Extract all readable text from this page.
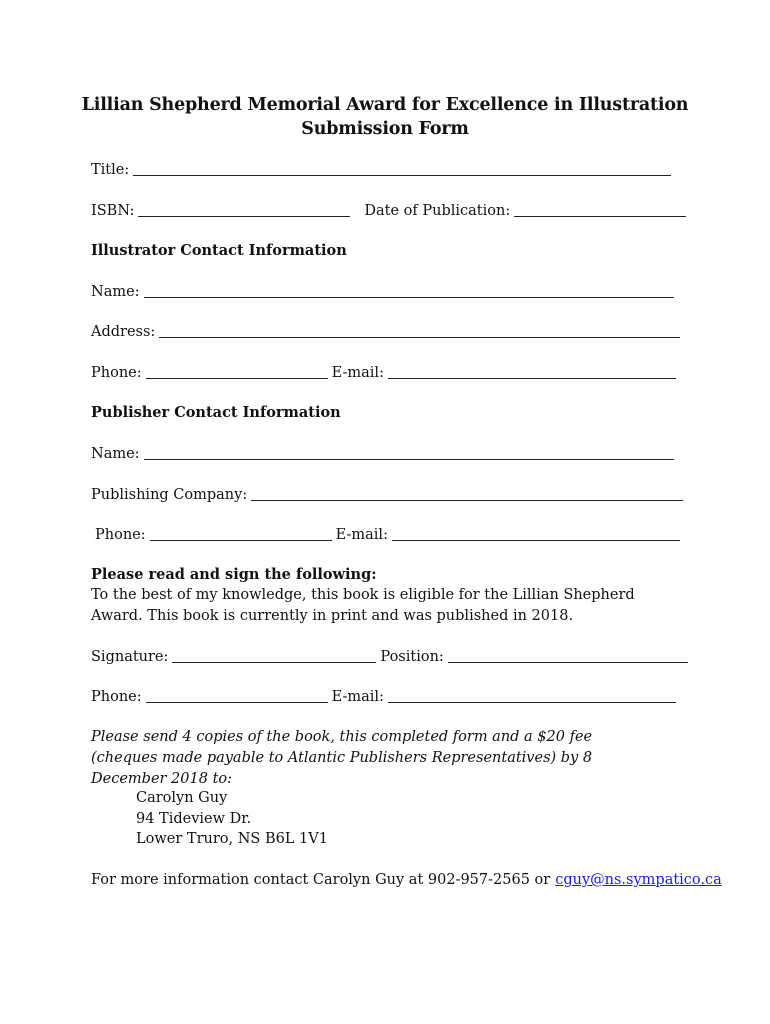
Lillian Shepherd Memorial Award for Excellence in Illustration
Submission Form
Title:
ISBN:	Date of Publication:
Illustrator Contact Information
Name:
Address:
Phone:	E-mail:
Publisher Contact Information
Name:
Publishing Company:
Phone:	E-mail:
Please read and sign the following:
To the best of my knowledge, this book is eligible for the Lillian Shepherd Award. This book is currently in print and was published in 2018.
Signature:	Position:
Phone:	E-mail:
Please send 4 copies of the book, this completed form and a $20 fee (cheques made payable to Atlantic Publishers Representatives) by 8 December 2018 to:
Carolyn Guy
94 Tideview Dr.
Lower Truro, NS B6L 1V1
For more information contact Carolyn Guy at 902-957-2565 or cguy@ns.sympatico.ca
